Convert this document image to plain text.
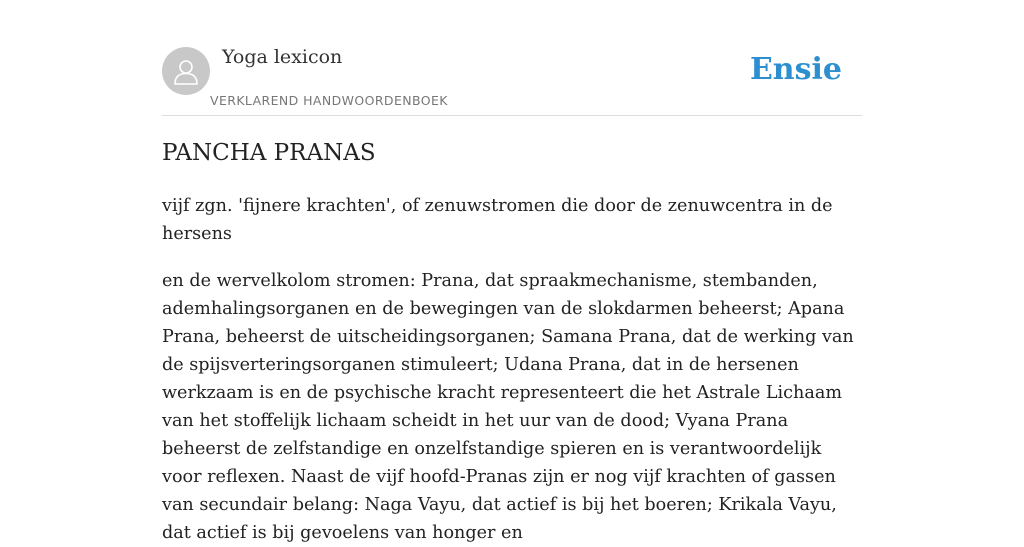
Yoga lexicon
VERKLAREND HANDWOORDENBOEK
Ensie
PANCHA PRANAS

vijf zgn. 'fijnere krachten', of zenuwstromen die door de zenuwcentra in de hersens

en de wervelkolom stromen: Prana, dat spraakmechanisme, stembanden, ademhalingsorganen en de bewegingen van de slokdarmen beheerst; Apana Prana, beheerst de uitscheidingsorganen; Samana Prana, dat de werking van de spijsverteringsorganen stimuleert; Udana Prana, dat in de hersenen werkzaam is en de psychische kracht representeert die het Astrale Lichaam van het stoffelijk lichaam scheidt in het uur van de dood; Vyana Prana beheerst de zelfstandige en onzelfstandige spieren en is verantwoordelijk voor reflexen. Naast de vijf hoofd-Pranas zijn er nog vijf krachten of gassen van secundair belang: Naga Vayu, dat actief is bij het boeren; Krikala Vayu, dat actief is bij gevoelens van honger en
